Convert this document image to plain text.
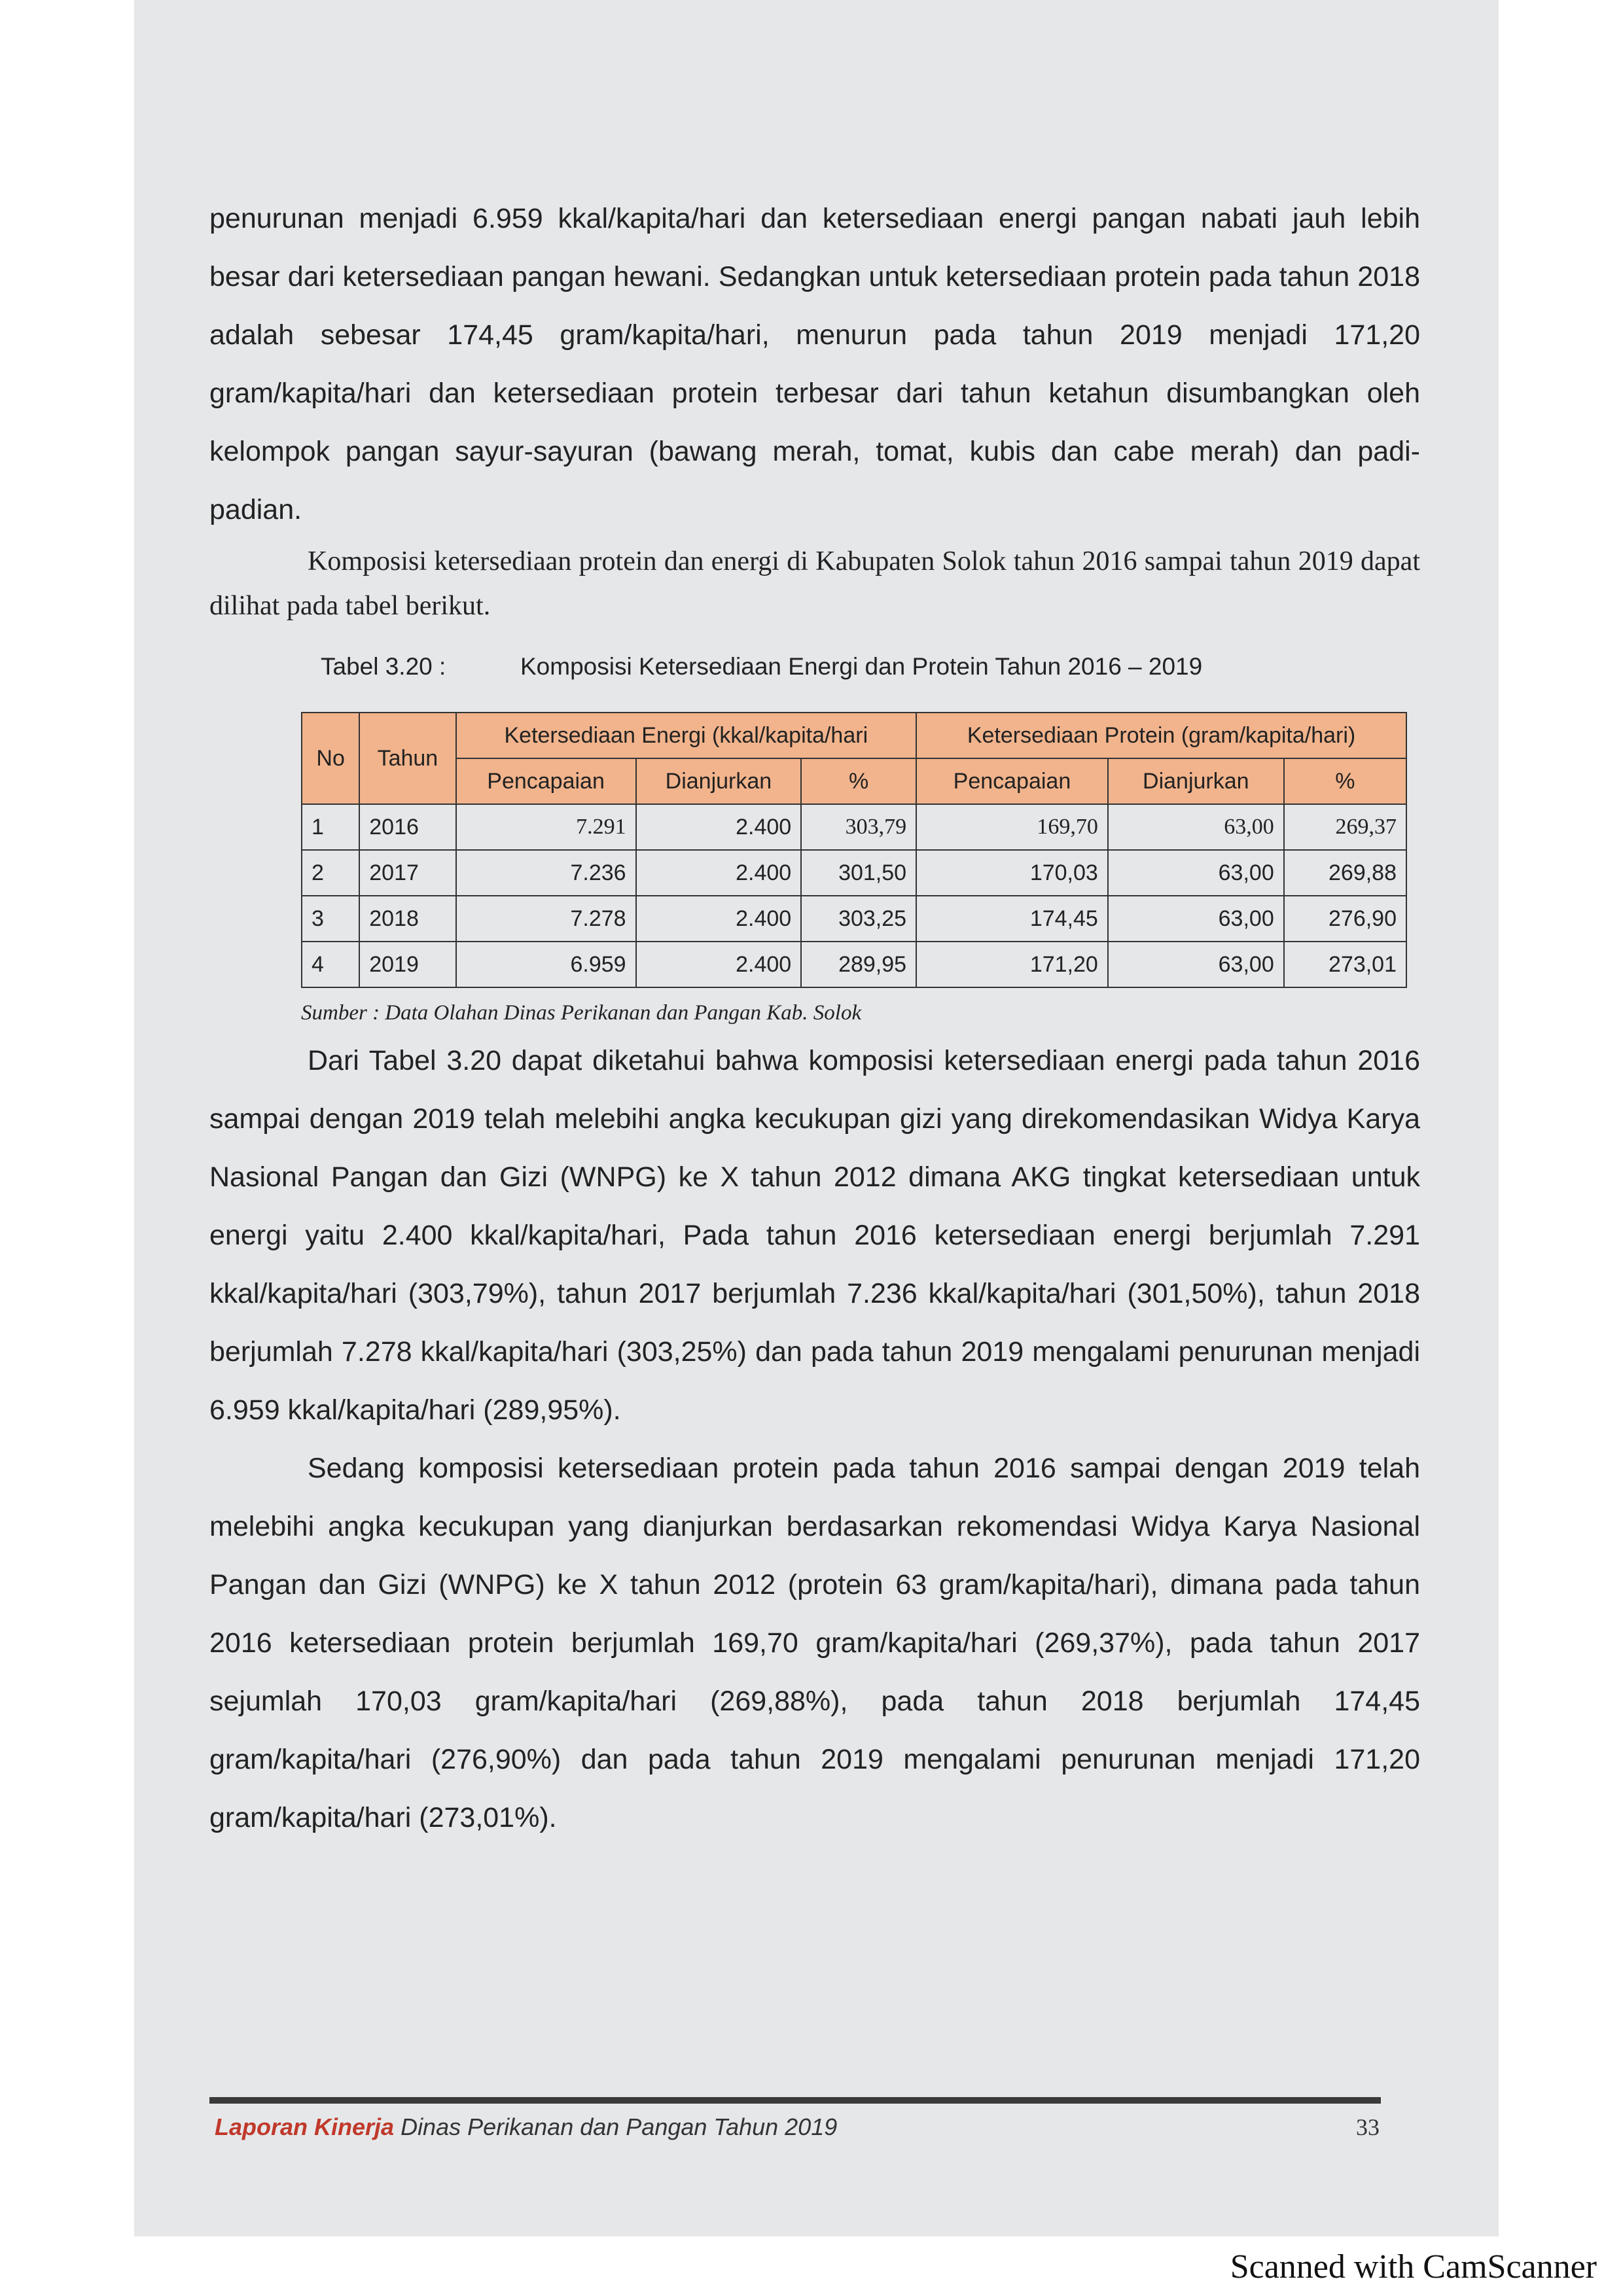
penurunan menjadi 6.959 kkal/kapita/hari dan ketersediaan energi pangan nabati jauh lebih besar dari ketersediaan pangan hewani. Sedangkan untuk ketersediaan protein pada tahun 2018 adalah sebesar 174,45 gram/kapita/hari, menurun pada tahun 2019 menjadi 171,20 gram/kapita/hari dan ketersediaan protein terbesar dari tahun ketahun disumbangkan oleh kelompok pangan sayur-sayuran (bawang merah, tomat, kubis dan cabe merah) dan padi-padian.

Komposisi ketersediaan protein dan energi di Kabupaten Solok tahun 2016 sampai tahun 2019 dapat dilihat pada tabel berikut.

Tabel 3.20 :	Komposisi Ketersediaan Energi dan Protein Tahun 2016 – 2019
No	Tahun	Ketersediaan Energi (kkal/kapita/hari			Ketersediaan Protein (gram/kapita/hari)		
		Pencapaian	Dianjurkan	%	Pencapaian	Dianjurkan	%
1	2016	7.291	2.400	303,79	169,70	63,00	269,37
2	2017	7.236	2.400	301,50	170,03	63,00	269,88
3	2018	7.278	2.400	303,25	174,45	63,00	276,90
4	2019	6.959	2.400	289,95	171,20	63,00	273,01
Sumber : Data Olahan Dinas Perikanan dan Pangan Kab. Solok

Dari Tabel 3.20 dapat diketahui bahwa komposisi ketersediaan energi pada tahun 2016 sampai dengan 2019 telah melebihi angka kecukupan gizi yang direkomendasikan Widya Karya Nasional Pangan dan Gizi (WNPG) ke X tahun 2012 dimana AKG tingkat ketersediaan untuk energi yaitu 2.400 kkal/kapita/hari, Pada tahun 2016 ketersediaan energi berjumlah 7.291 kkal/kapita/hari (303,79%), tahun 2017 berjumlah 7.236 kkal/kapita/hari (301,50%), tahun 2018 berjumlah 7.278 kkal/kapita/hari (303,25%) dan pada tahun 2019 mengalami penurunan menjadi 6.959 kkal/kapita/hari (289,95%).

Sedang komposisi ketersediaan protein pada tahun 2016 sampai dengan 2019 telah melebihi angka kecukupan yang dianjurkan berdasarkan rekomendasi Widya Karya Nasional Pangan dan Gizi (WNPG) ke X tahun 2012 (protein 63 gram/kapita/hari), dimana pada tahun 2016 ketersediaan protein berjumlah 169,70 gram/kapita/hari (269,37%), pada tahun 2017 sejumlah 170,03 gram/kapita/hari (269,88%), pada tahun 2018 berjumlah 174,45 gram/kapita/hari (276,90%) dan pada tahun 2019 mengalami penurunan menjadi 171,20 gram/kapita/hari (273,01%).

Laporan Kinerja Dinas Perikanan dan Pangan Tahun 2019	33
Scanned with CamScanner
